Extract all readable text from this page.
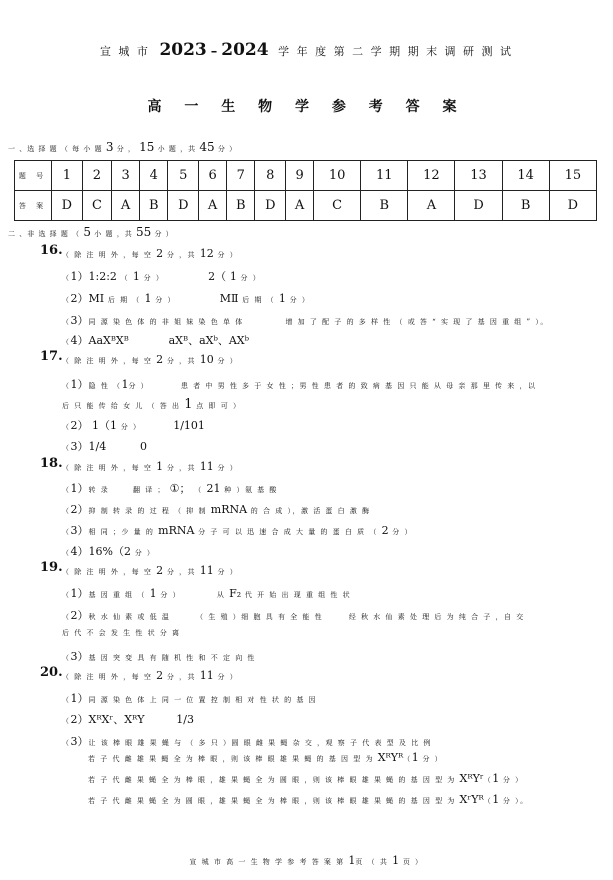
宣 城 市 2023 – 2024 学 年 度 第 二 学 期 期 末 调 研 测 试
高 一 生 物 学 参 考 答 案
一 、选 择 题 （ 每 小 题 3 分 ， 15 小 题 ，共 45 分 ）
题 号	1	2	3	4	5	6	7	8	9	10	11	12	13	14	15
答 案	D	C	A	B	D	A	B	D	A	C	B	A	D	B	D
二 、非 选 择 题 （ 5 小 题 ，共 55 分 ）
16. （ 除 注 明 外 ，每 空 2 分 ，共 12 分 ）
（1）1:2:2 （ 1 分 ）	2（ 1 分 ）
（2）MⅠ 后 期 （ 1 分 ）	MⅡ 后 期 （ 1 分 ）
（3）同 源 染 色 体 的 非 姐 妹 染 色 单 体	增 加 了 配 子 的 多 样 性 （ 或 答 “ 实 现 了 基 因 重 组 ” ）。
（4）AaXᴮXᴮ	aXᴮ、aXᵇ、AXᵇ
17. （ 除 注 明 外 ，每 空 2 分 ，共 10 分 ）
（1）隐 性 （1分 ）	患 者 中 男 性 多 于 女 性 ；男 性 患 者 的 致 病 基 因 只 能 从 母 亲 那 里 传 来 ，以
后 只 能 传 给 女 儿 （ 答 出 1 点 即 可 ）
（2） 1（1 分 ）	1/101
（3）1/4	0
18. （ 除 注 明 外 ，每 空 1 分 ，共 11 分 ）
（1）转 录	翻 译 ； ①； （ 21 种 ）氨 基 酸
（2）抑 制 转 录 的 过 程 （ 抑 制 mRNA 的 合 成 ），激 活 蛋 白 激 酶
（3）相 同 ；少 量 的 mRNA 分 子 可 以 迅 速 合 成 大 量 的 蛋 白 质 （ 2 分 ）
（4）16%（2 分 ）
19. （ 除 注 明 外 ，每 空 2 分 ，共 11 分 ）
（1）基 因 重 组 （ 1 分 ）	从 F₂ 代 开 始 出 现 重 组 性 状
（2）秋 水 仙 素 或 低 温	（ 生 殖 ）细 胞 具 有 全 能 性	经 秋 水 仙 素 处 理 后 为 纯 合 子 ，自 交
后 代 不 会 发 生 性 状 分 离
（3）基 因 突 变 具 有 随 机 性 和 不 定 向 性
20. （ 除 注 明 外 ，每 空 2 分 ，共 11 分 ）
（1）同 源 染 色 体 上 同 一 位 置 控 制 相 对 性 状 的 基 因
（2）XᴿXʳ、XᴿY	1/3
（3）让 该 棒 眼 雄 果 蝇 与 （ 多 只 ）圆 眼 雌 果 蝇 杂 交 ，观 察 子 代 表 型 及 比 例
若 子 代 雌 雄 果 蝇 全 为 棒 眼 ，则 该 棒 眼 雄 果 蝇 的 基 因 型 为 XᴿYᴿ（1 分 ）
若 子 代 雌 果 蝇 全 为 棒 眼 ，雄 果 蝇 全 为 圆 眼 ，则 该 棒 眼 雄 果 蝇 的 基 因 型 为 XᴿYʳ（1 分 ）
若 子 代 雌 果 蝇 全 为 圆 眼 ，雄 果 蝇 全 为 棒 眼 ，则 该 棒 眼 雄 果 蝇 的 基 因 型 为 XʳYᴿ（1 分 ）。
宣 城 市 高 一 生 物 学 参 考 答 案 第 1页 （ 共 1 页 ）
